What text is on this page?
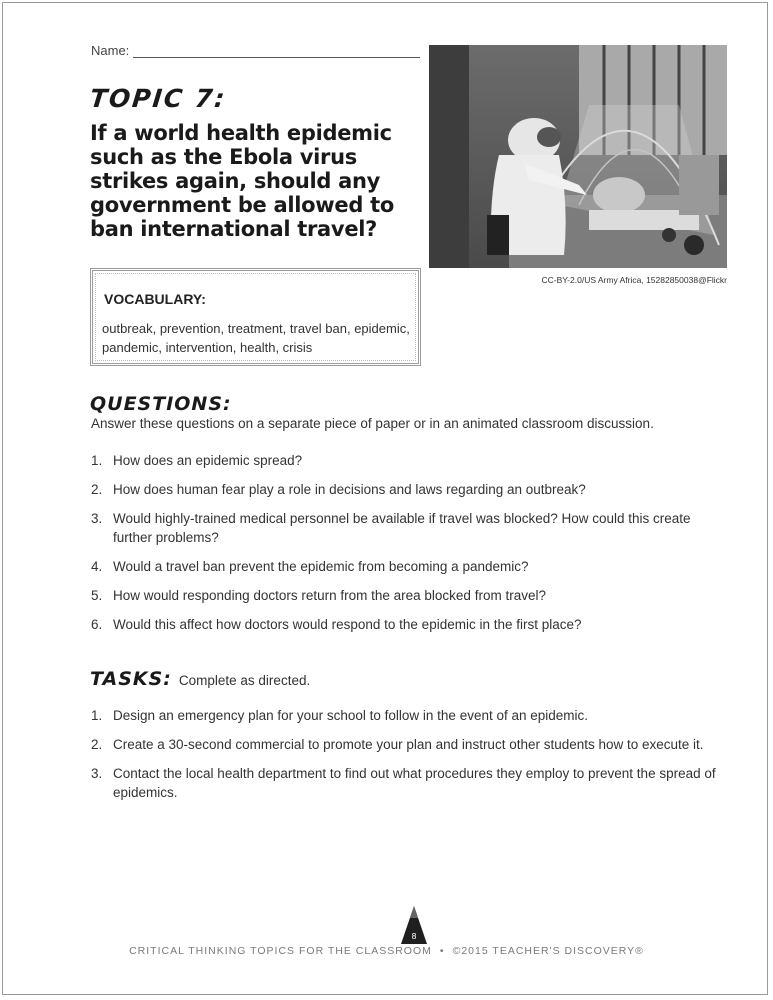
Name:
TOPIC 7:
If a world health epidemic such as the Ebola virus strikes again, should any government be allowed to ban international travel?
CC-BY-2.0/US Army Africa, 15282850038@Flickr
VOCABULARY:
outbreak, prevention, treatment, travel ban, epidemic, pandemic, intervention, health, crisis
QUESTIONS:
Answer these questions on a separate piece of paper or in an animated classroom discussion.
1. How does an epidemic spread?
2. How does human fear play a role in decisions and laws regarding an outbreak?
3. Would highly-trained medical personnel be available if travel was blocked? How could this create further problems?
4. Would a travel ban prevent the epidemic from becoming a pandemic?
5. How would responding doctors return from the area blocked from travel?
6. Would this affect how doctors would respond to the epidemic in the first place?
TASKS: Complete as directed.
1. Design an emergency plan for your school to follow in the event of an epidemic.
2. Create a 30-second commercial to promote your plan and instruct other students how to execute it.
3. Contact the local health department to find out what procedures they employ to prevent the spread of epidemics.
8
CRITICAL THINKING TOPICS FOR THE CLASSROOM • ©2015 TEACHER'S DISCOVERY®
